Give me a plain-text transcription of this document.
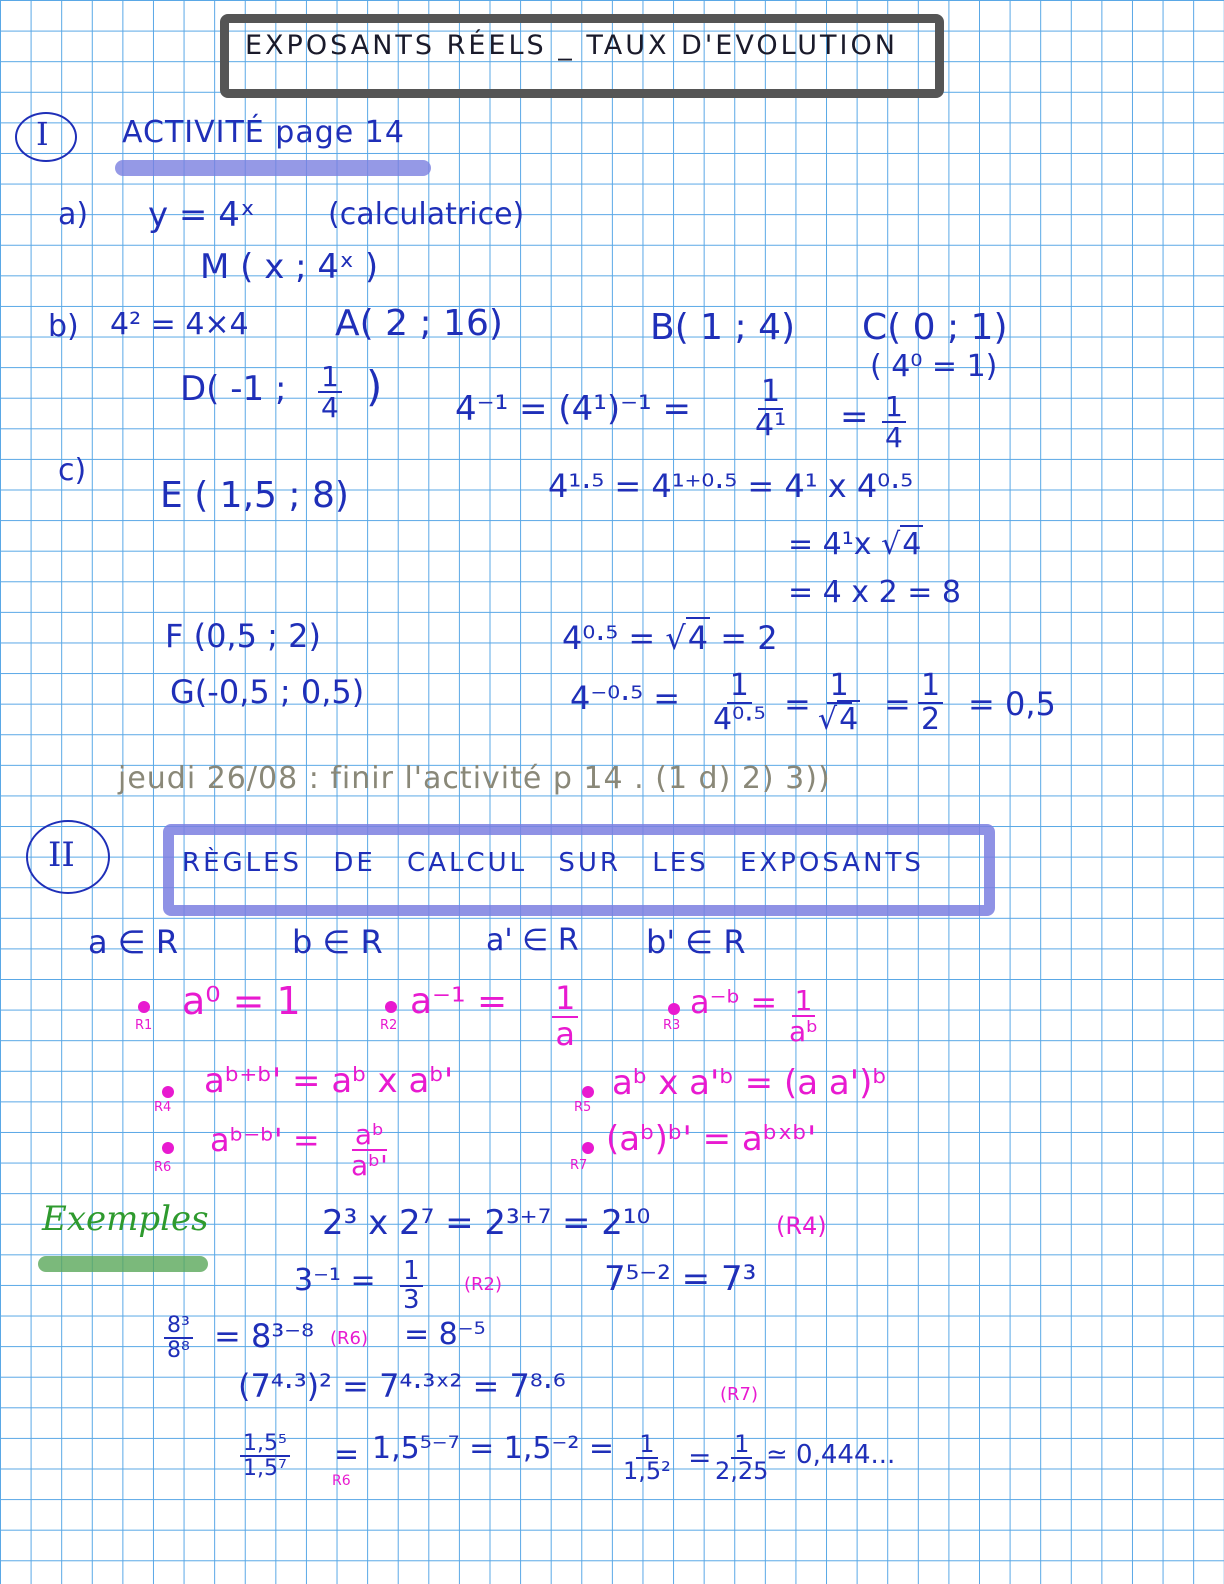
EXPOSANTS RÉELS _ TAUX D'EVOLUTION
I ACTIVITÉ page 14
a) y = 4ˣ (calculatrice)
M ( x ; 4ˣ )
b) 4² = 4×4 A( 2 ; 16)	B( 1 ; 4) C( 0 ; 1)
( 4⁰ = 1)
D( -1 ; $\frac{1}{4}$ ) $4^{-1} = (4^1)^{-1} = \frac{1}{\text{4¹}} = \frac{1}{4}$
c)
E ( 1,5 ; 8)	4¹·⁵ = 4¹⁺⁰·⁵ = 4¹ x 4⁰·⁵
= 4¹x √4
= 4 x 2 = 8
F (0,5 ; 2)
G(-0,5 ; 0,5)
4⁰·⁵ = √4 = 2
$4^{-0}\cdot^5 = \frac{1}{\text{4⁰·⁵}} = \frac{1}{√4} = \frac{1}{2} = 0,5$
jeudi 26/08 : finir l'activité p 14 . (1 d) 2) 3))
II	RÈGLES DE CALCUL SUR LES EXPOSANTS
a ∈ R	b ∈ R	a' ∈ R b' ∈ R
R1
a⁰ = 1
R2
$a^{-1} = \frac{1}{a}$	R3
a⁻ᵇ = $\frac{1}{\text{aᵇ}}$
R4
aᵇ⁺ᵇ' = aᵇ x aᵇ'
R5
aᵇ x a'ᵇ = (a a')ᵇ
R6
aᵇ⁻ᵇ' = $\frac{\text{aᵇ}}{\text{aᵇ'}}$	R7
(aᵇ)ᵇ' = aᵇˣᵇ'
Exemples	2³ x 2⁷ = 2³⁺⁷ = 2¹⁰	(R4)
$3^{-1} = \frac{1}{3} (R2)$	7⁵⁻² = 7³
$\frac{\text{8³}}{\text{8⁸}} = 8^{3-8}$ (R6) = 8⁻⁵
(7⁴·³)² = 7⁴·³ˣ² = 7⁸·⁶	(R7)
$\frac{\text{1,5⁵}}{\text{1,5⁷}}$ =
R6
$1,5^{5-7} = 1,5^{-2} = \frac{1}{\text{1,5²}} = \frac{1}{2,25}$
≃ 0,444...
